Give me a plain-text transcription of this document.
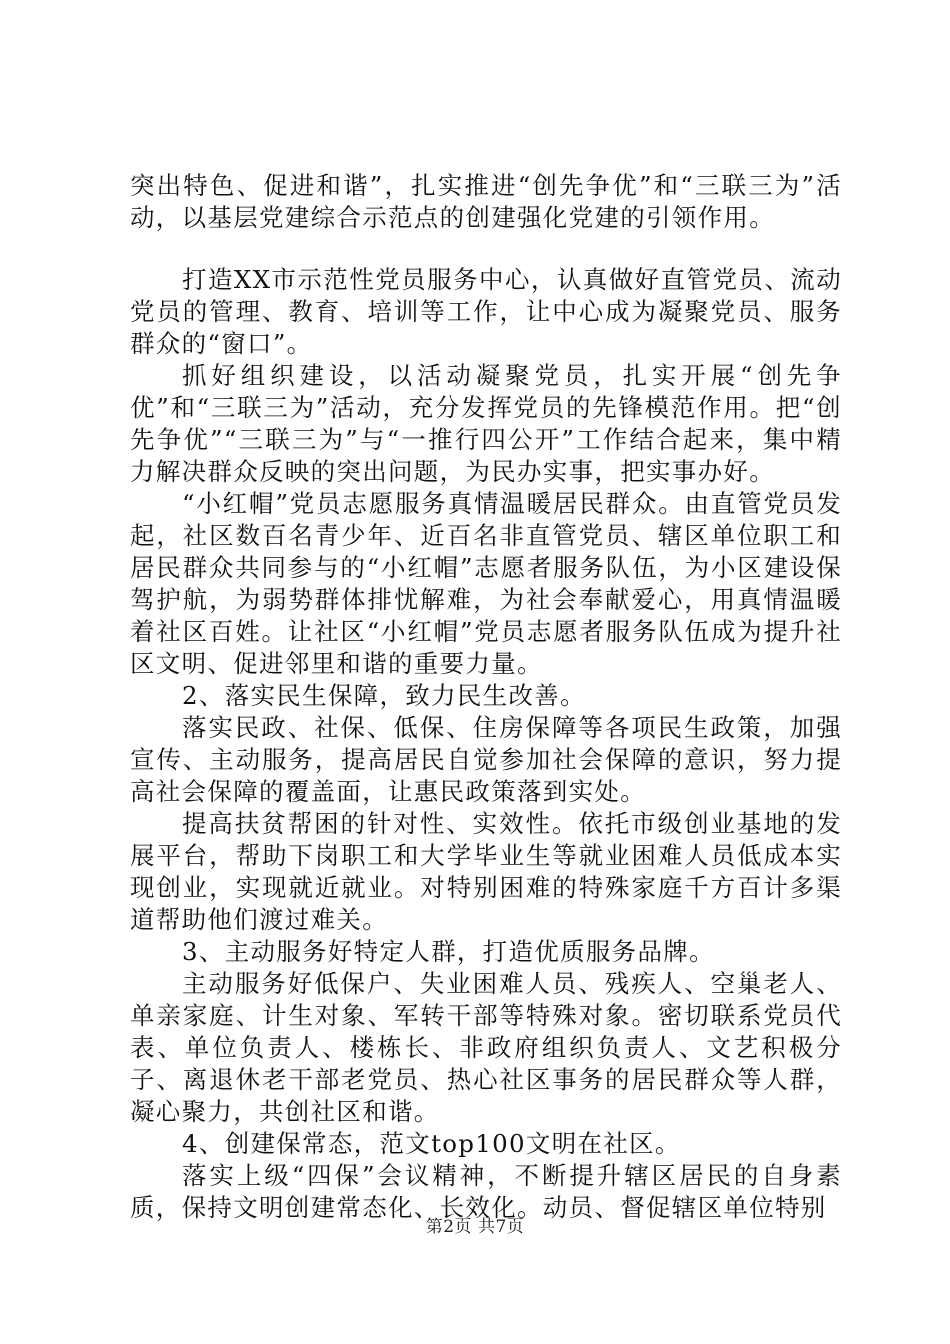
突出特色、促进和谐”，扎实推进“创先争优”和“三联三为”活动，以基层党建综合示范点的创建强化党建的引领作用。

打造XX市示范性党员服务中心，认真做好直管党员、流动党员的管理、教育、培训等工作，让中心成为凝聚党员、服务群众的“窗口”。

抓好组织建设，以活动凝聚党员，扎实开展“创先争优”和“三联三为”活动，充分发挥党员的先锋模范作用。把“创先争优”“三联三为”与“一推行四公开”工作结合起来，集中精力解决群众反映的突出问题，为民办实事，把实事办好。

“小红帽”党员志愿服务真情温暖居民群众。由直管党员发起，社区数百名青少年、近百名非直管党员、辖区单位职工和居民群众共同参与的“小红帽”志愿者服务队伍，为小区建设保驾护航，为弱势群体排忧解难，为社会奉献爱心，用真情温暖着社区百姓。让社区“小红帽”党员志愿者服务队伍成为提升社区文明、促进邻里和谐的重要力量。

2、落实民生保障，致力民生改善。

落实民政、社保、低保、住房保障等各项民生政策，加强宣传、主动服务，提高居民自觉参加社会保障的意识，努力提高社会保障的覆盖面，让惠民政策落到实处。

提高扶贫帮困的针对性、实效性。依托市级创业基地的发展平台，帮助下岗职工和大学毕业生等就业困难人员低成本实现创业，实现就近就业。对特别困难的特殊家庭千方百计多渠道帮助他们渡过难关。

3、主动服务好特定人群，打造优质服务品牌。

主动服务好低保户、失业困难人员、残疾人、空巢老人、单亲家庭、计生对象、军转干部等特殊对象。密切联系党员代表、单位负责人、楼栋长、非政府组织负责人、文艺积极分子、离退休老干部老党员、热心社区事务的居民群众等人群，凝心聚力，共创社区和谐。

4、创建保常态，范文top100文明在社区。

落实上级“四保”会议精神，不断提升辖区居民的自身素质，保持文明创建常态化、长效化。动员、督促辖区单位特别

第2页 共7页
